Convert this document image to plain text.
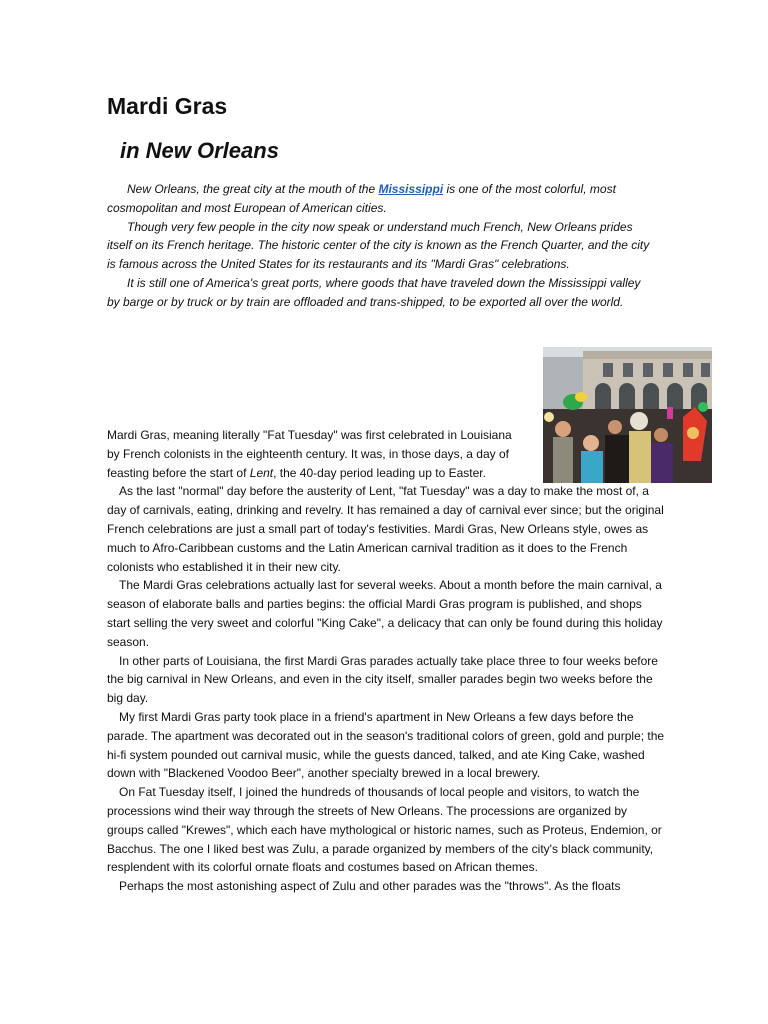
Mardi Gras
in New Orleans

New Orleans, the great city at the mouth of the Mississippi is one of the most colorful, most cosmopolitan and most European of American cities.

Though very few people in the city now speak or understand much French, New Orleans prides itself on its French heritage. The historic center of the city is known as the French Quarter, and the city is famous across the United States for its restaurants and its "Mardi Gras" celebrations.

It is still one of America's great ports, where goods that have traveled down the Mississippi valley by barge or by truck or by train are offloaded and trans-shipped, to be exported all over the world.

Mardi Gras, meaning literally "Fat Tuesday" was first celebrated in Louisiana by French colonists in the eighteenth century. It was, in those days, a day of feasting before the start of Lent, the 40-day period leading up to Easter.

As the last "normal" day before the austerity of Lent, "fat Tuesday" was a day to make the most of, a day of carnivals, eating, drinking and revelry. It has remained a day of carnival ever since; but the original French celebrations are just a small part of today's festivities. Mardi Gras, New Orleans style, owes as much to Afro-Caribbean customs and the Latin American carnival tradition as it does to the French colonists who established it in their new city.

The Mardi Gras celebrations actually last for several weeks. About a month before the main carnival, a season of elaborate balls and parties begins: the official Mardi Gras program is published, and shops start selling the very sweet and colorful "King Cake", a delicacy that can only be found during this holiday season.

In other parts of Louisiana, the first Mardi Gras parades actually take place three to four weeks before the big carnival in New Orleans, and even in the city itself, smaller parades begin two weeks before the big day.

My first Mardi Gras party took place in a friend's apartment in New Orleans a few days before the parade. The apartment was decorated out in the season's traditional colors of green, gold and purple; the hi-fi system pounded out carnival music, while the guests danced, talked, and ate King Cake, washed down with "Blackened Voodoo Beer", another specialty brewed in a local brewery.

On Fat Tuesday itself, I joined the hundreds of thousands of local people and visitors, to watch the processions wind their way through the streets of New Orleans. The processions are organized by groups called "Krewes", which each have mythological or historic names, such as Proteus, Endemion, or Bacchus. The one I liked best was Zulu, a parade organized by members of the city's black community, resplendent with its colorful ornate floats and costumes based on African themes.

Perhaps the most astonishing aspect of Zulu and other parades was the "throws". As the floats
